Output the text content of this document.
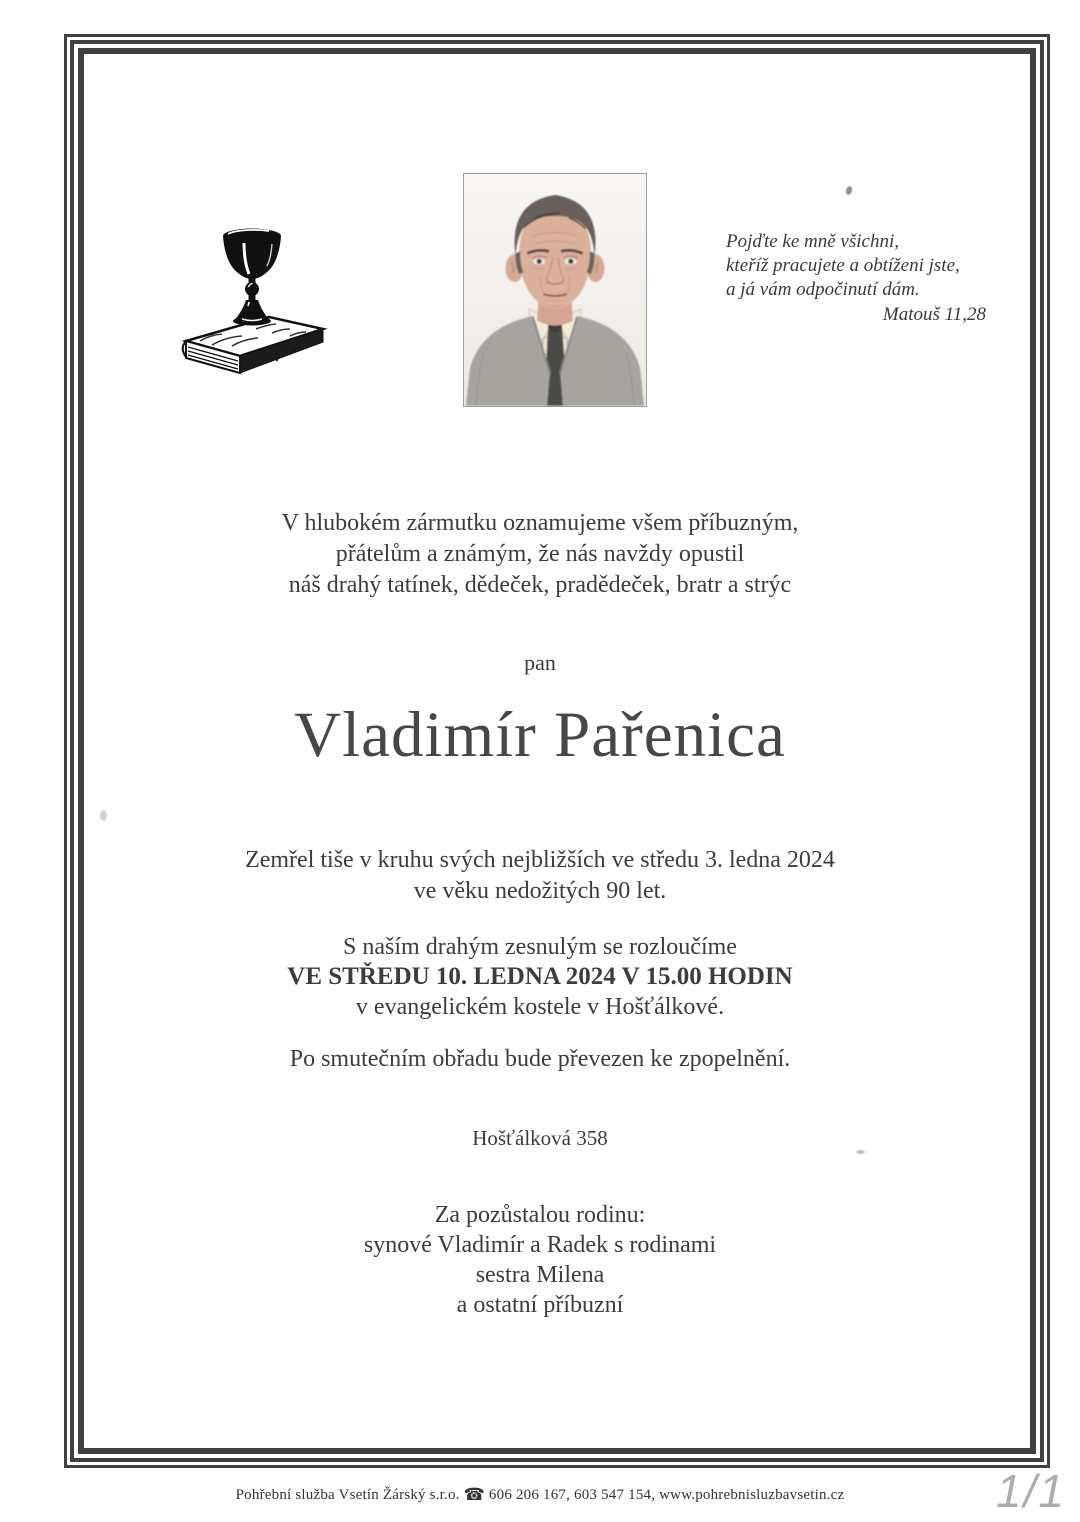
Pojďte ke mně všichni,
kteříž pracujete a obtíženi jste,
a já vám odpočinutí dám.
Matouš 11,28
V hlubokém zármutku oznamujeme všem příbuzným,
přátelům a známým, že nás navždy opustil
náš drahý tatínek, dědeček, pradědeček, bratr a strýc
pan
Vladimír Pařenica
Zemřel tiše v kruhu svých nejbližších ve středu 3. ledna 2024
ve věku nedožitých 90 let.
S naším drahým zesnulým se rozloučíme
VE STŘEDU 10. LEDNA 2024 V 15.00 HODIN
v evangelickém kostele v Hošťálkové.
Po smutečním obřadu bude převezen ke zpopelnění.
Hošťálková 358
Za pozůstalou rodinu:
synové Vladimír a Radek s rodinami
sestra Milena
a ostatní příbuzní
Pohřební služba Vsetín Žárský s.r.o. ☎ 606 206 167, 603 547 154, www.pohrebnisluzbavsetin.cz	1/1
